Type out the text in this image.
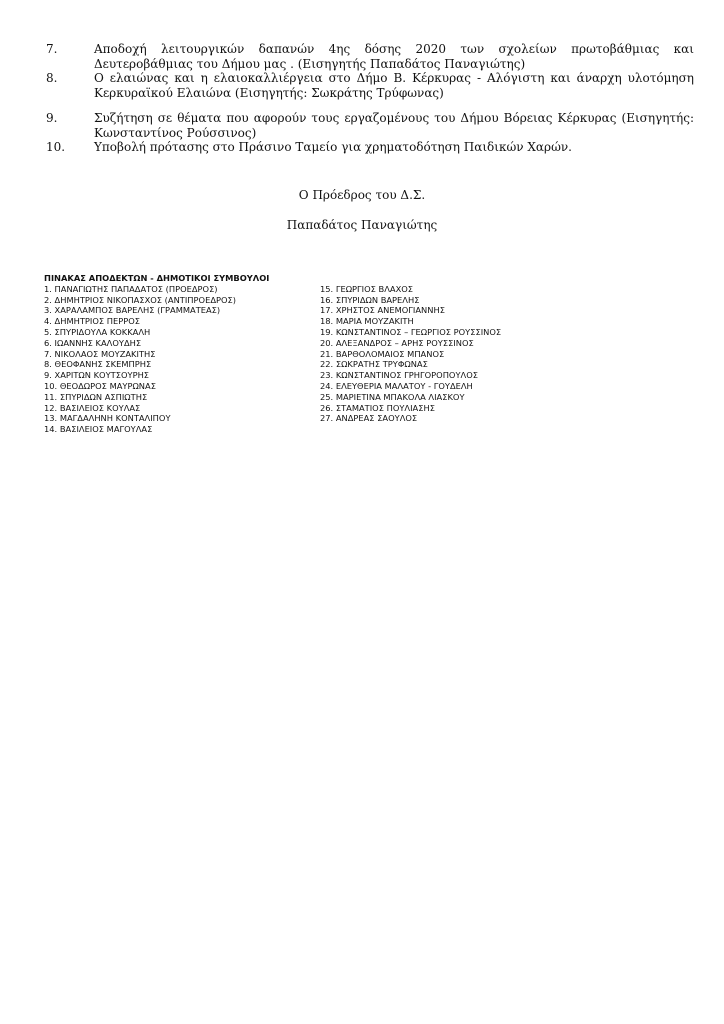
7.	Αποδοχή λειτουργικών δαπανών 4ης δόσης 2020 των σχολείων πρωτοβάθμιας και Δευτεροβάθμιας του Δήμου μας . (Εισηγητής Παπαδάτος Παναγιώτης)
8.	Ο ελαιώνας και η ελαιοκαλλιέργεια στο Δήμο Β. Κέρκυρας - Αλόγιστη και άναρχη υλοτόμηση Κερκυραϊκού Ελαιώνα (Εισηγητής: Σωκράτης Τρύφωνας)
9.	Συζήτηση σε θέματα που αφορούν τους εργαζομένους του Δήμου Βόρειας Κέρκυρας (Εισηγητής: Κωνσταντίνος Ρούσσινος)
10.	Υποβολή πρότασης στο Πράσινο Ταμείο για χρηματοδότηση Παιδικών Χαρών.
Ο Πρόεδρος του Δ.Σ.
Παπαδάτος Παναγιώτης
ΠΙΝΑΚΑΣ ΑΠΟΔΕΚΤΩΝ - ΔΗΜΟΤΙΚΟΙ ΣΥΜΒΟΥΛΟΙ
1. ΠΑΝΑΓΙΩΤΗΣ ΠΑΠΑΔΑΤΟΣ (ΠΡΟΕΔΡΟΣ)
2. ΔΗΜΗΤΡΙΟΣ ΝΙΚΟΠΑΣΧΟΣ (ΑΝΤΙΠΡΟΕΔΡΟΣ)
3. ΧΑΡΑΛΑΜΠΟΣ ΒΑΡΕΛΗΣ (ΓΡΑΜΜΑΤΕΑΣ)
4. ΔΗΜΗΤΡΙΟΣ ΠΕΡΡΟΣ
5. ΣΠΥΡΙΔΟΥΛΑ ΚΟΚΚΑΛΗ
6. ΙΩΑΝΝΗΣ ΚΑΛΟΥΔΗΣ
7. ΝΙΚΟΛΑΟΣ ΜΟΥΖΑΚΙΤΗΣ
8. ΘΕΟΦΑΝΗΣ ΣΚΕΜΠΡΗΣ
9. ΧΑΡΙΤΩΝ ΚΟΥΤΣΟΥΡΗΣ
10. ΘΕΟΔΩΡΟΣ ΜΑΥΡΩΝΑΣ
11. ΣΠΥΡΙΔΩΝ ΑΣΠΙΩΤΗΣ
12. ΒΑΣΙΛΕΙΟΣ ΚΟΥΛΑΣ
13. ΜΑΓΔΑΛΗΝΗ ΚΟΝΤΑΛΙΠΟΥ
14. ΒΑΣΙΛΕΙΟΣ ΜΑΓΟΥΛΑΣ
15. ΓΕΩΡΓΙΟΣ ΒΛΑΧΟΣ
16. ΣΠΥΡΙΔΩΝ ΒΑΡΕΛΗΣ
17. ΧΡΗΣΤΟΣ ΑΝΕΜΟΓΙΑΝΝΗΣ
18. ΜΑΡΙΑ ΜΟΥΖΑΚΙΤΗ
19. ΚΩΝΣΤΑΝΤΙΝΟΣ – ΓΕΩΡΓΙΟΣ ΡΟΥΣΣΙΝΟΣ
20. ΑΛΕΞΑΝΔΡΟΣ – ΑΡΗΣ ΡΟΥΣΣΙΝΟΣ
21. ΒΑΡΘΟΛΟΜΑΙΟΣ ΜΠΑΝΟΣ
22. ΣΩΚΡΑΤΗΣ ΤΡΥΦΩΝΑΣ
23. ΚΩΝΣΤΑΝΤΙΝΟΣ ΓΡΗΓΟΡΟΠΟΥΛΟΣ
24. ΕΛΕΥΘΕΡΙΑ ΜΑΛΑΤΟΥ - ΓΟΥΔΕΛΗ
25. ΜΑΡΙΕΤΙΝΑ ΜΠΑΚΟΛΑ ΛΙΑΣΚΟΥ
26. ΣΤΑΜΑΤΙΟΣ ΠΟΥΛΙΑΣΗΣ
27. ΑΝΔΡΕΑΣ ΣΑΟΥΛΟΣ
